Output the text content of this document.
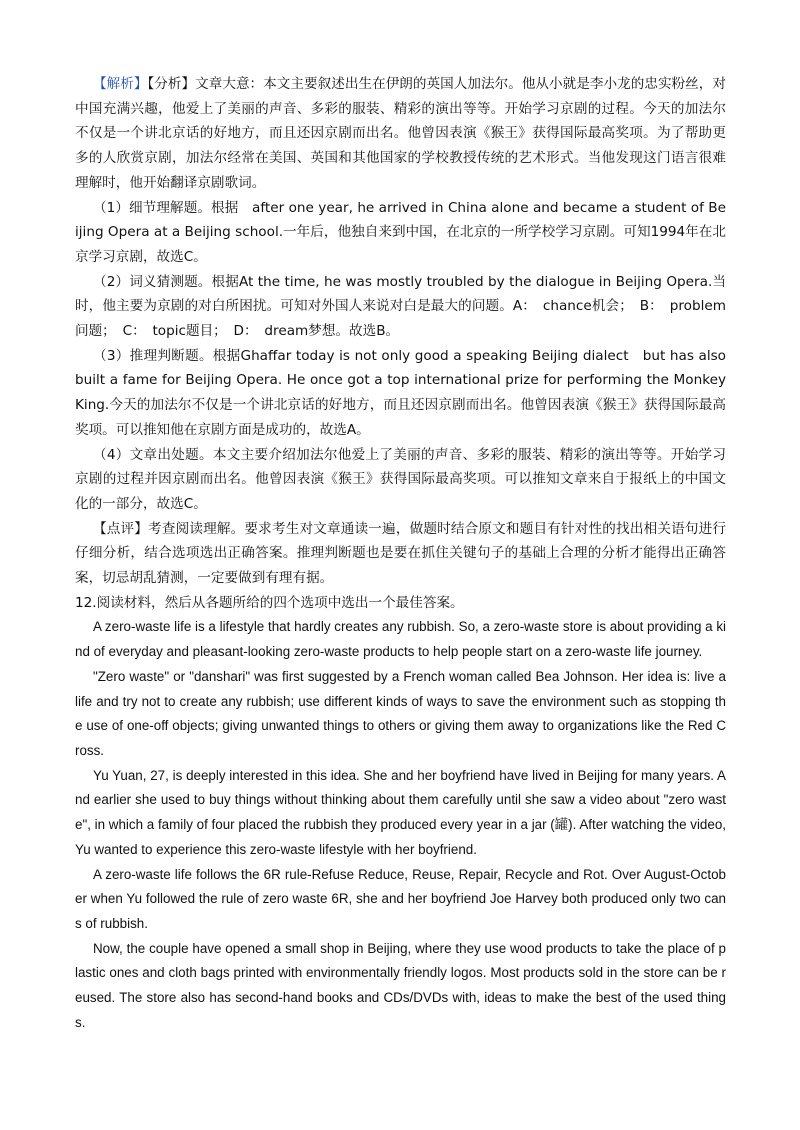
【解析】【分析】文章大意：本文主要叙述出生在伊朗的英国人加法尔。他从小就是李小龙的忠实粉丝，对中国充满兴趣，他爱上了美丽的声音、多彩的服装、精彩的演出等等。开始学习京剧的过程。今天的加法尔不仅是一个讲北京话的好地方，而且还因京剧而出名。他曾因表演《猴王》获得国际最高奖项。为了帮助更多的人欣赏京剧，加法尔经常在美国、英国和其他国家的学校教授传统的艺术形式。当他发现这门语言很难理解时，他开始翻译京剧歌词。

（1）细节理解题。根据　after one year, he arrived in China alone and became a student of Beijing Opera at a Beijing school.一年后，他独自来到中国，在北京的一所学校学习京剧。可知1994年在北京学习京剧，故选C。

（2）词义猜测题。根据At the time, he was mostly troubled by the dialogue in Beijing Opera.当时，他主要为京剧的对白所困扰。可知对外国人来说对白是最大的问题。A：　chance机会；　B：　problem问题；　C：　topic题目；　D：　dream梦想。故选B。

（3）推理判断题。根据Ghaffar today is not only good a speaking Beijing dialect　but has also built a fame for Beijing Opera. He once got a top international prize for performing the Monkey King.今天的加法尔不仅是一个讲北京话的好地方，而且还因京剧而出名。他曾因表演《猴王》获得国际最高奖项。可以推知他在京剧方面是成功的，故选A。

（4）文章出处题。本文主要介绍加法尔他爱上了美丽的声音、多彩的服装、精彩的演出等等。开始学习京剧的过程并因京剧而出名。他曾因表演《猴王》获得国际最高奖项。可以推知文章来自于报纸上的中国文化的一部分，故选C。

【点评】考查阅读理解。要求考生对文章通读一遍，做题时结合原文和题目有针对性的找出相关语句进行仔细分析，结合选项选出正确答案。推理判断题也是要在抓住关键句子的基础上合理的分析才能得出正确答案，切忌胡乱猜测，一定要做到有理有据。

12.阅读材料，然后从各题所给的四个选项中选出一个最佳答案。

A zero-waste life is a lifestyle that hardly creates any rubbish. So, a zero-waste store is about providing a kind of everyday and pleasant-looking zero-waste products to help people start on a zero-waste life journey.

"Zero waste" or "danshari" was first suggested by a French woman called Bea Johnson. Her idea is: live a life and try not to create any rubbish; use different kinds of ways to save the environment such as stopping the use of one-off objects; giving unwanted things to others or giving them away to organizations like the Red Cross.

Yu Yuan, 27, is deeply interested in this idea. She and her boyfriend have lived in Beijing for many years. And earlier she used to buy things without thinking about them carefully until she saw a video about "zero waste", in which a family of four placed the rubbish they produced every year in a jar (罐). After watching the video, Yu wanted to experience this zero-waste lifestyle with her boyfriend.

A zero-waste life follows the 6R rule-Refuse Reduce, Reuse, Repair, Recycle and Rot. Over August-October when Yu followed the rule of zero waste 6R, she and her boyfriend Joe Harvey both produced only two cans of rubbish.

Now, the couple have opened a small shop in Beijing, where they use wood products to take the place of plastic ones and cloth bags printed with environmentally friendly logos. Most products sold in the store can be reused. The store also has second-hand books and CDs/DVDs with, ideas to make the best of the used things.
